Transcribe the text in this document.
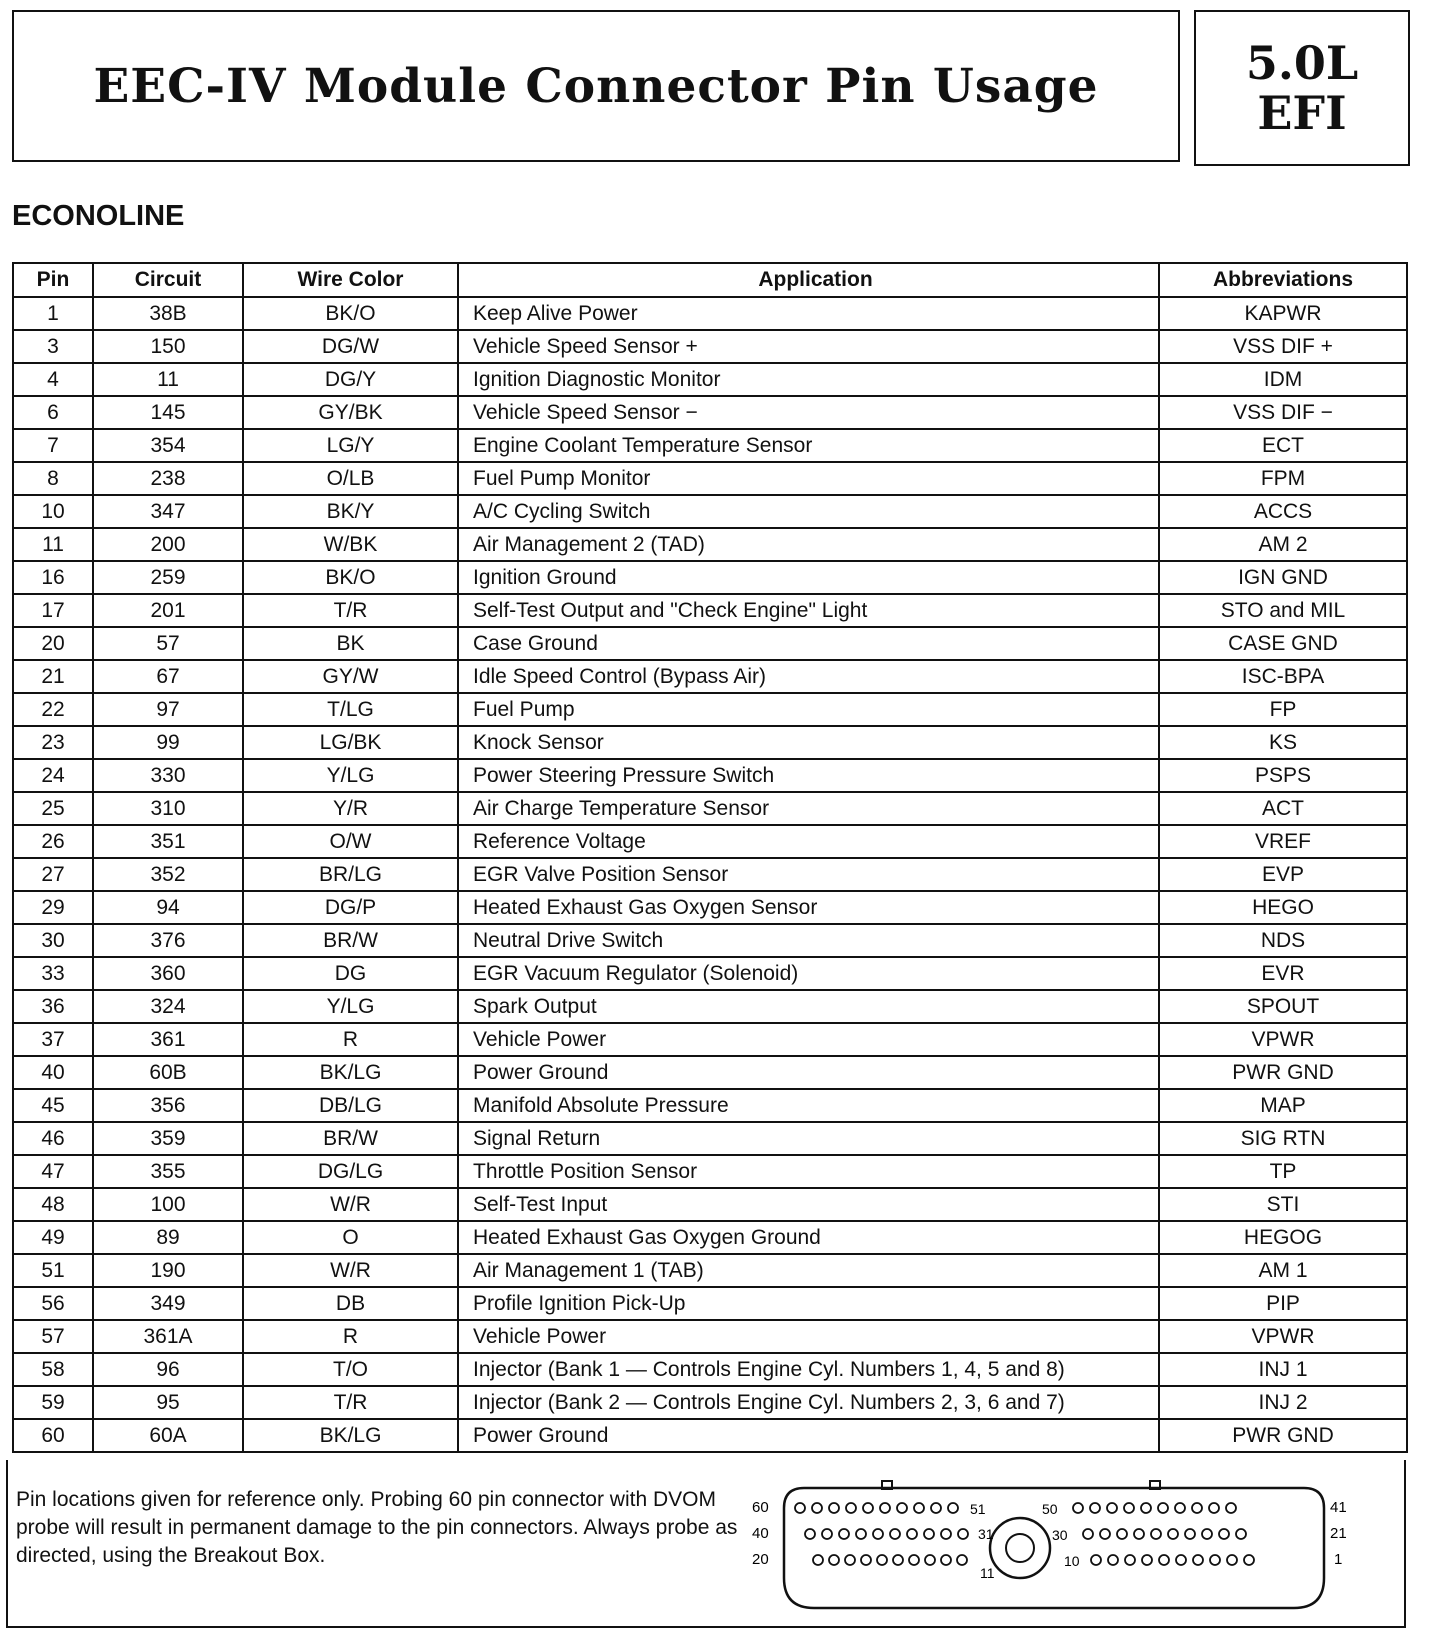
EEC-IV Module Connector Pin Usage	5.0L
EFI
ECONOLINE
Pin	Circuit	Wire Color	Application	Abbreviations
1	38B	BK/O	Keep Alive Power	KAPWR
3	150	DG/W	Vehicle Speed Sensor +	VSS DIF +
4	11	DG/Y	Ignition Diagnostic Monitor	IDM
6	145	GY/BK	Vehicle Speed Sensor −	VSS DIF −
7	354	LG/Y	Engine Coolant Temperature Sensor	ECT
8	238	O/LB	Fuel Pump Monitor	FPM
10	347	BK/Y	A/C Cycling Switch	ACCS
11	200	W/BK	Air Management 2 (TAD)	AM 2
16	259	BK/O	Ignition Ground	IGN GND
17	201	T/R	Self-Test Output and "Check Engine" Light	STO and MIL
20	57	BK	Case Ground	CASE GND
21	67	GY/W	Idle Speed Control (Bypass Air)	ISC-BPA
22	97	T/LG	Fuel Pump	FP
23	99	LG/BK	Knock Sensor	KS
24	330	Y/LG	Power Steering Pressure Switch	PSPS
25	310	Y/R	Air Charge Temperature Sensor	ACT
26	351	O/W	Reference Voltage	VREF
27	352	BR/LG	EGR Valve Position Sensor	EVP
29	94	DG/P	Heated Exhaust Gas Oxygen Sensor	HEGO
30	376	BR/W	Neutral Drive Switch	NDS
33	360	DG	EGR Vacuum Regulator (Solenoid)	EVR
36	324	Y/LG	Spark Output	SPOUT
37	361	R	Vehicle Power	VPWR
40	60B	BK/LG	Power Ground	PWR GND
45	356	DB/LG	Manifold Absolute Pressure	MAP
46	359	BR/W	Signal Return	SIG RTN
47	355	DG/LG	Throttle Position Sensor	TP
48	100	W/R	Self-Test Input	STI
49	89	O	Heated Exhaust Gas Oxygen Ground	HEGOG
51	190	W/R	Air Management 1 (TAB)	AM 1
56	349	DB	Profile Ignition Pick-Up	PIP
57	361A	R	Vehicle Power	VPWR
58	96	T/O	Injector (Bank 1 — Controls Engine Cyl. Numbers 1, 4, 5 and 8)	INJ 1
59	95	T/R	Injector (Bank 2 — Controls Engine Cyl. Numbers 2, 3, 6 and 7)	INJ 2
60	60A	BK/LG	Power Ground	PWR GND
Pin locations given for reference only. Probing 60 pin connector with DVOM probe will result in permanent damage to the pin connectors. Always probe as directed, using the Breakout Box.
60
40
20
51	50
31	30
11
10
41
21
1
